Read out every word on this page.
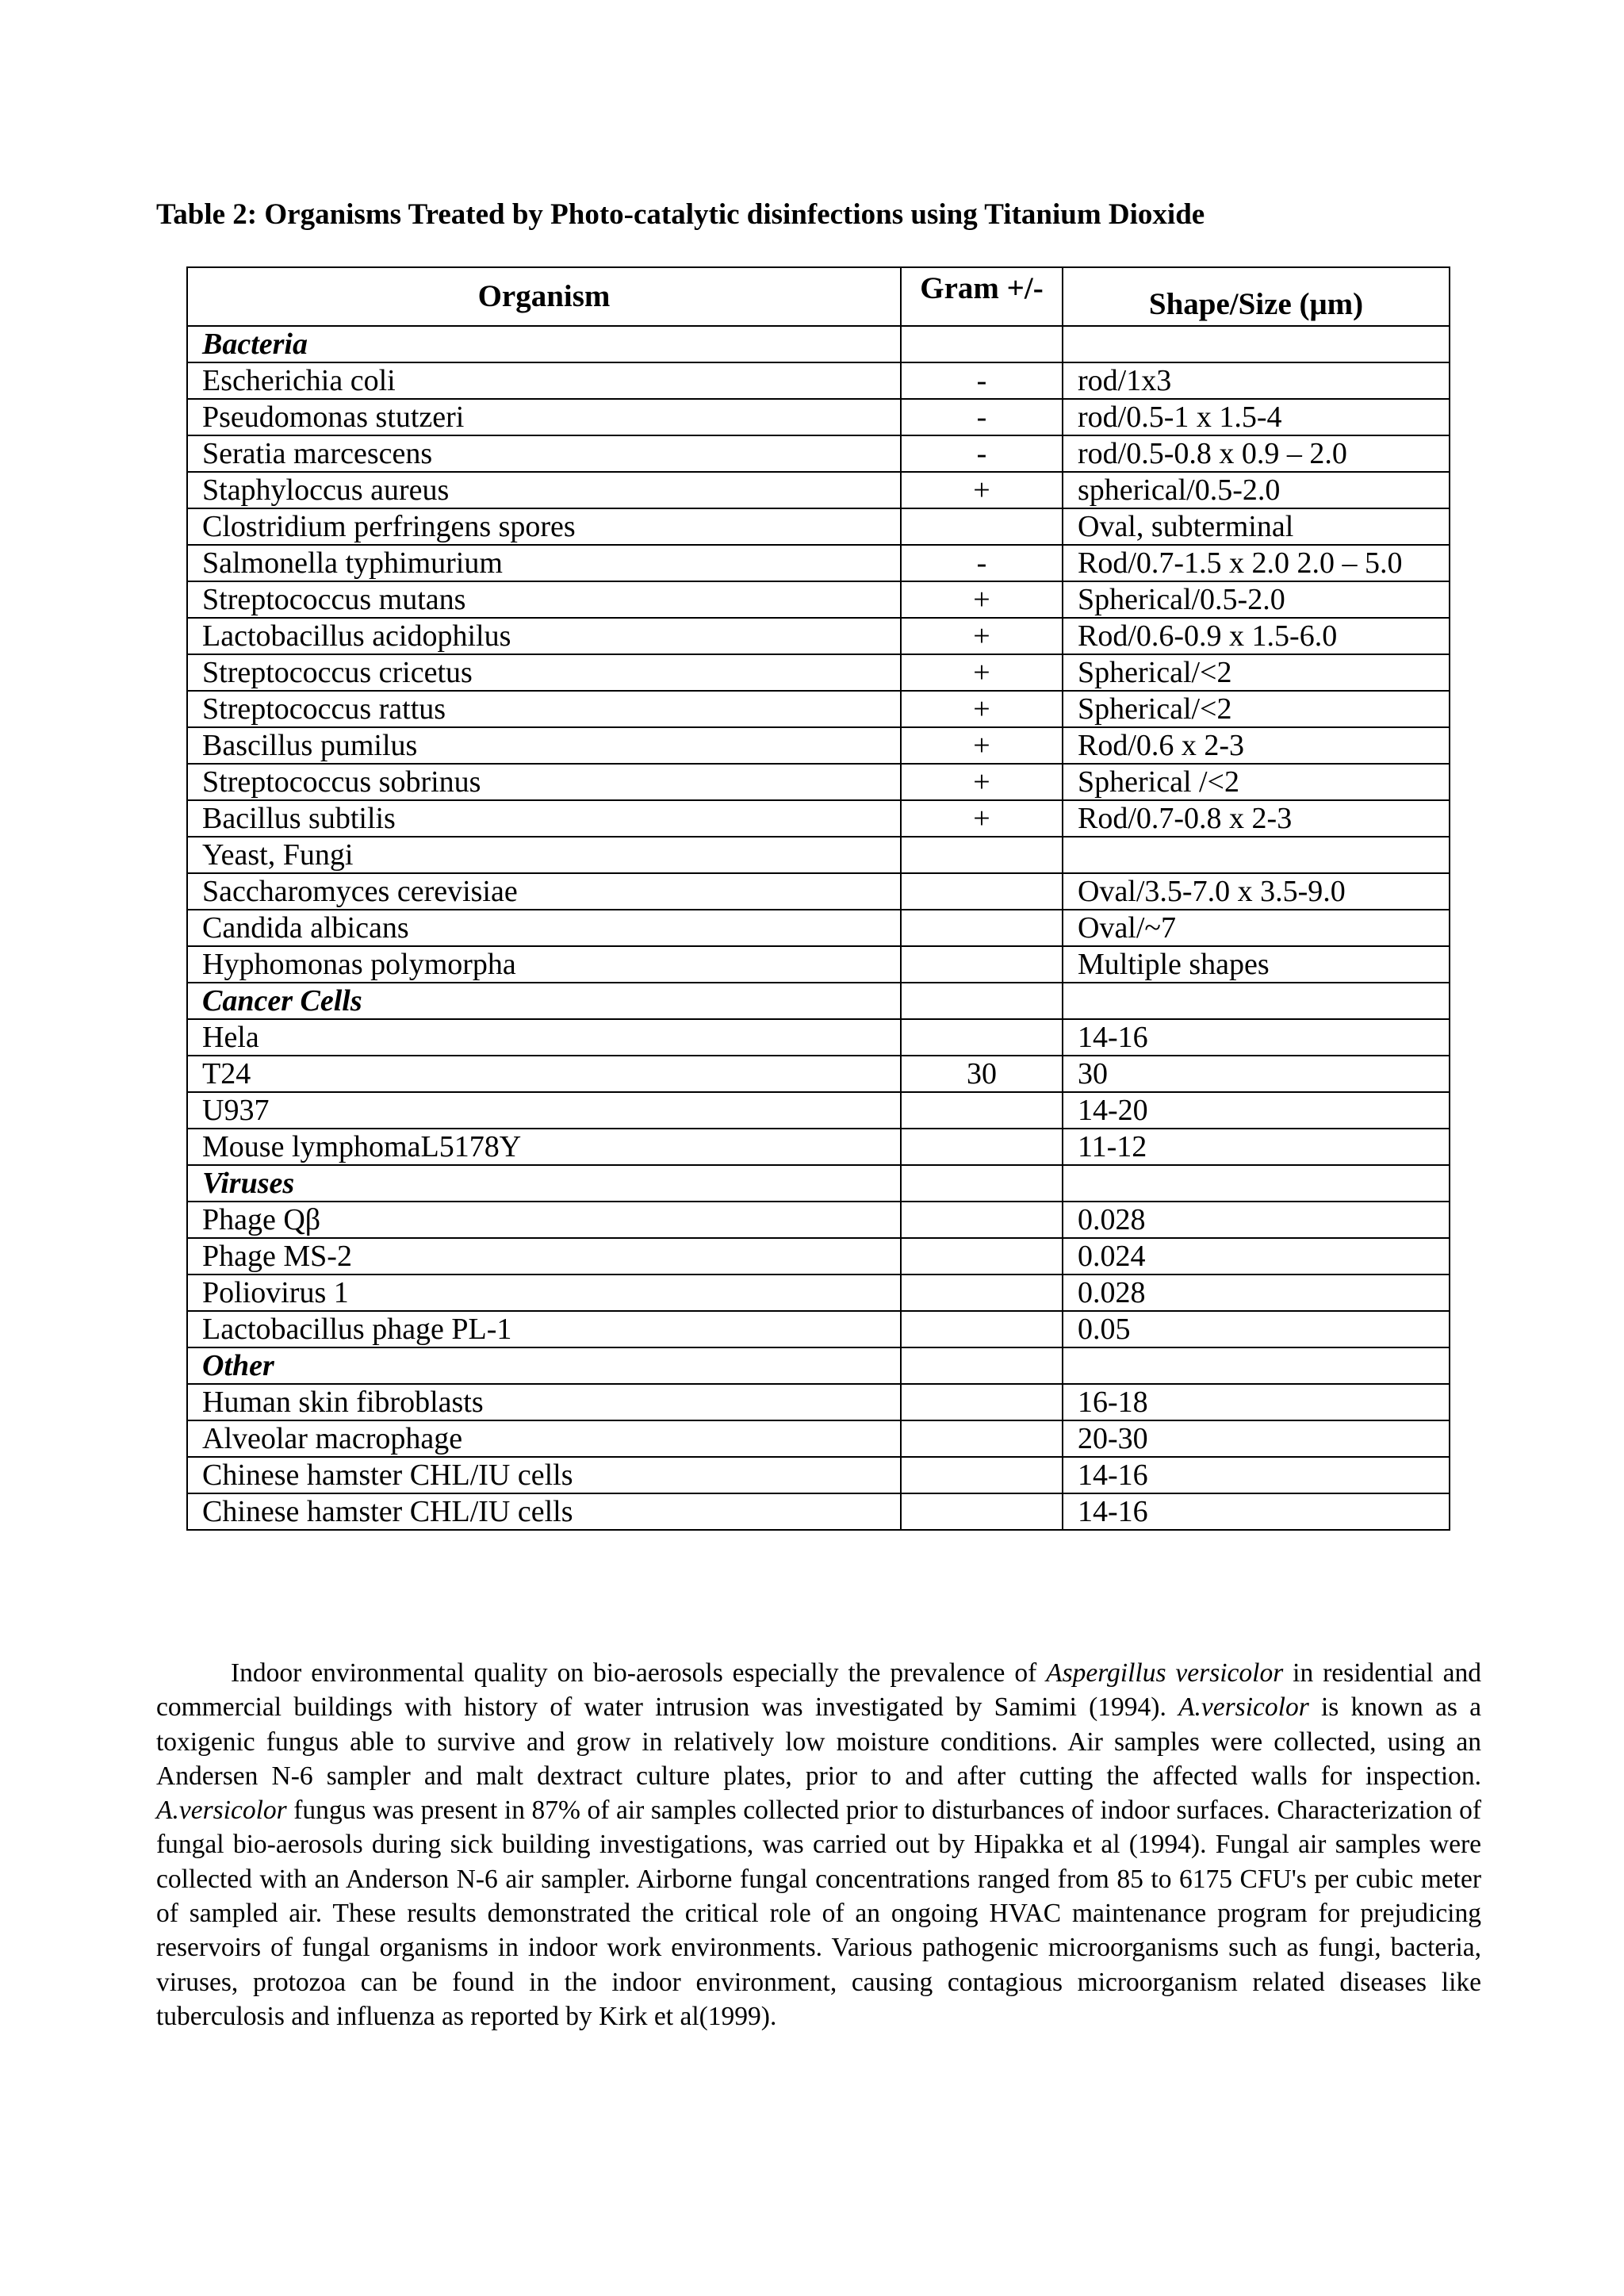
Table 2: Organisms Treated by Photo-catalytic disinfections using Titanium Dioxide
Organism	Gram +/-	Shape/Size (μm)
Bacteria		
Escherichia coli	-	rod/1x3
Pseudomonas stutzeri	-	rod/0.5-1 x 1.5-4
Seratia marcescens	-	rod/0.5-0.8 x 0.9 – 2.0
Staphyloccus aureus	+	spherical/0.5-2.0
Clostridium perfringens spores		Oval, subterminal
Salmonella typhimurium	-	Rod/0.7-1.5 x 2.0 2.0 – 5.0
Streptococcus mutans	+	Spherical/0.5-2.0
Lactobacillus acidophilus	+	Rod/0.6-0.9 x 1.5-6.0
Streptococcus cricetus	+	Spherical/<2
Streptococcus rattus	+	Spherical/<2
Bascillus pumilus	+	Rod/0.6 x 2-3
Streptococcus sobrinus	+	Spherical /<2
Bacillus subtilis	+	Rod/0.7-0.8 x 2-3
Yeast, Fungi		
Saccharomyces cerevisiae		Oval/3.5-7.0 x 3.5-9.0
Candida albicans		Oval/~7
Hyphomonas polymorpha		Multiple shapes
Cancer Cells		
Hela		14-16
T24	30	30
U937		14-20
Mouse lymphomaL5178Y		11-12
Viruses		
Phage Qβ		0.028
Phage MS-2		0.024
Poliovirus 1		0.028
Lactobacillus phage PL-1		0.05
Other		
Human skin fibroblasts		16-18
Alveolar macrophage		20-30
Chinese hamster CHL/IU cells		14-16
Chinese hamster CHL/IU cells		14-16

Indoor environmental quality on bio-aerosols especially the prevalence of Aspergillus versicolor in residential and commercial buildings with history of water intrusion was investigated by Samimi (1994). A.versicolor is known as a toxigenic fungus able to survive and grow in relatively low moisture conditions. Air samples were collected, using an Andersen N-6 sampler and malt dextract culture plates, prior to and after cutting the affected walls for inspection. A.versicolor fungus was present in 87% of air samples collected prior to disturbances of indoor surfaces. Characterization of fungal bio-aerosols during sick building investigations, was carried out by Hipakka et al (1994). Fungal air samples were collected with an Anderson N-6 air sampler. Airborne fungal concentrations ranged from 85 to 6175 CFU's per cubic meter of sampled air. These results demonstrated the critical role of an ongoing HVAC maintenance program for prejudicing reservoirs of fungal organisms in indoor work environments. Various pathogenic microorganisms such as fungi, bacteria, viruses, protozoa can be found in the indoor environment, causing contagious microorganism related diseases like tuberculosis and influenza as reported by Kirk et al(1999).
